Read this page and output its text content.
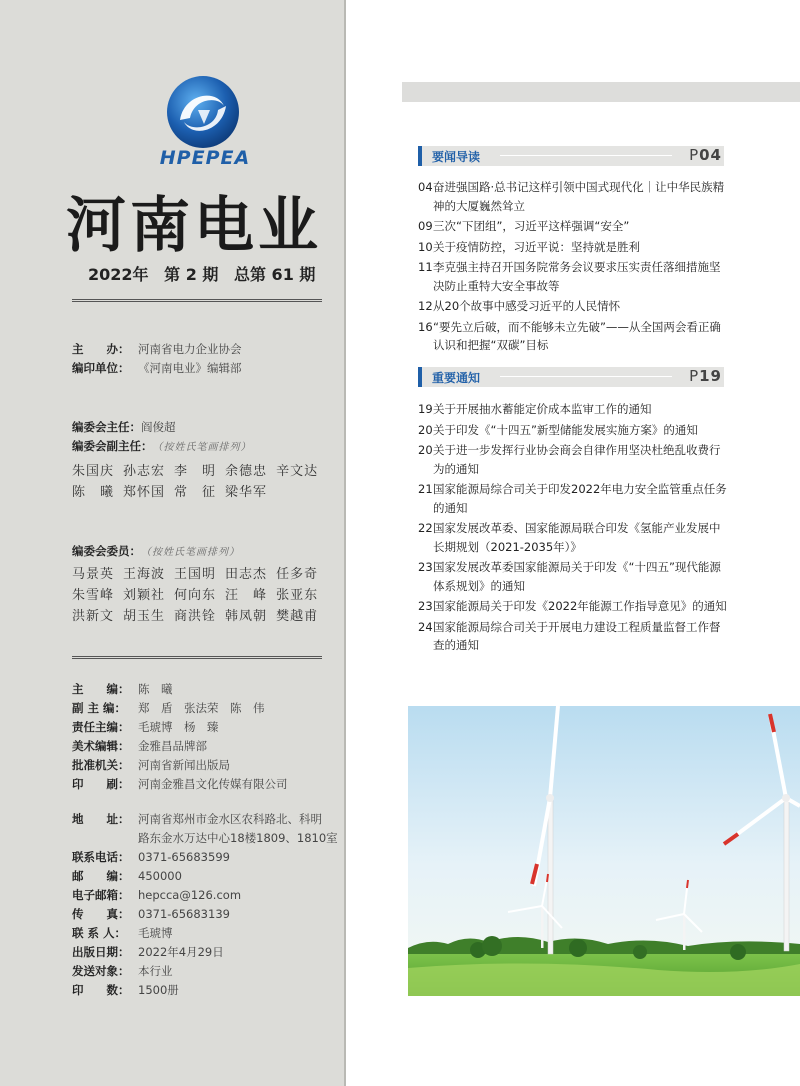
HPEPEA
河南电业
2022年 第 2 期 总第 61 期
主　　办： 河南省电力企业协会
编印单位： 《河南电业》编辑部
编委会主任： 阎俊超
编委会副主任： （按姓氏笔画排列）
朱国庆 孙志宏 李　明 余德忠 辛文达
陈　曦 郑怀国 常　征 梁华军
编委会委员： （按姓氏笔画排列）
马景英 王海波 王国明 田志杰 任多奇
朱雪峰 刘颖社 何向东 汪　峰 张亚东
洪新文 胡玉生 商洪铨 韩凤朝 樊越甫
主　　编： 陈　曦
副 主 编：	郑　盾　张法荣　陈　伟
责任主编： 毛琥博　杨　臻
美术编辑： 金雅昌品牌部
批准机关： 河南省新闻出版局
印　　刷： 河南金雅昌文化传媒有限公司
地　　址： 河南省郑州市金水区农科路北、科明
路东金水万达中心18楼1809、1810室
联系电话： 0371-65683599
邮　　编： 450000
电子邮箱： hepcca@126.com
传　　真： 0371-65683139
联 系 人：	毛琥博
出版日期： 2022年4月29日
发送对象： 本行业
印　　数： 1500册
要闻导读	P04
04 奋进强国路·总书记这样引领中国式现代化｜让中华民族精神的大厦巍然耸立
09 三次“下团组”，习近平这样强调“安全”
10 关于疫情防控，习近平说：坚持就是胜利
11 李克强主持召开国务院常务会议要求压实责任落细措施坚决防止重特大安全事故等
12 从20个故事中感受习近平的人民情怀
16 “要先立后破，而不能够未立先破”——从全国两会看正确认识和把握“双碳”目标
重要通知	P19
19 关于开展抽水蓄能定价成本监审工作的通知
20 关于印发《“十四五”新型储能发展实施方案》的通知
20 关于进一步发挥行业协会商会自律作用坚决杜绝乱收费行为的通知
21 国家能源局综合司关于印发2022年电力安全监管重点任务的通知
22 国家发展改革委、国家能源局联合印发《氢能产业发展中长期规划（2021-2035年）》
23 国家发展改革委国家能源局关于印发《“十四五”现代能源体系规划》的通知
23 国家能源局关于印发《2022年能源工作指导意见》的通知
24 国家能源局综合司关于开展电力建设工程质量监督工作督查的通知
